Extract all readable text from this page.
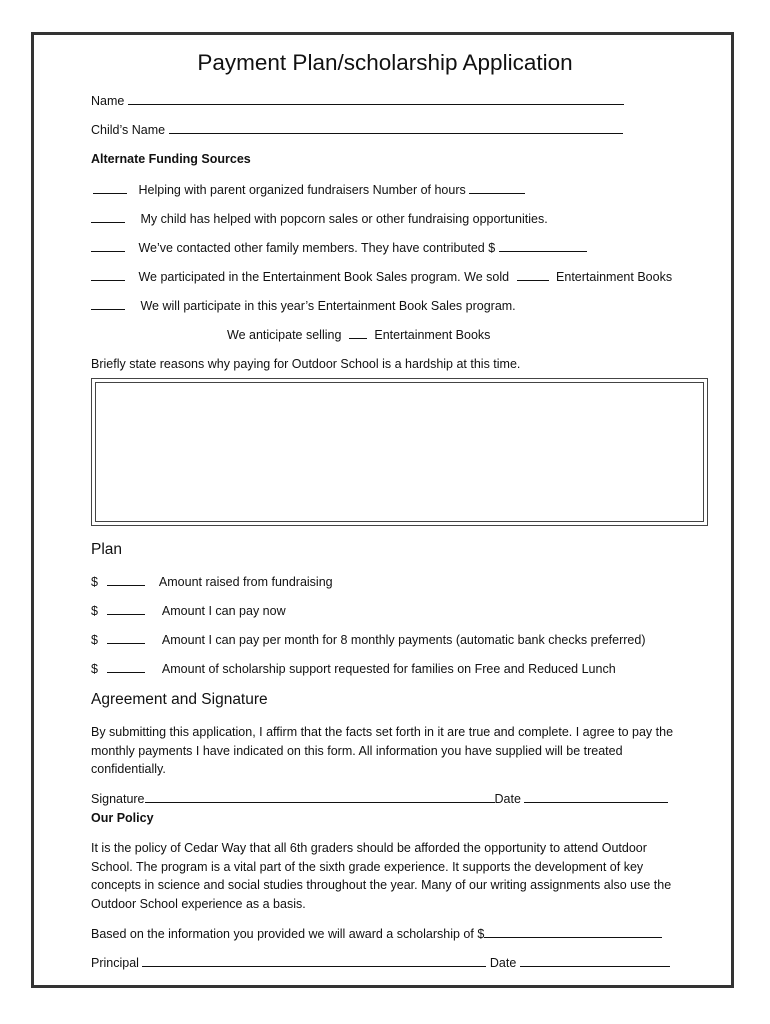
Payment Plan/scholarship Application
Name
Child’s Name
Alternate Funding Sources
Helping with parent organized fundraisers Number of hours
My child has helped with popcorn sales or other fundraising opportunities.
We’ve contacted other family members. They have contributed $
We participated in the Entertainment Book Sales program. We sold	Entertainment Books
We will participate in this year’s Entertainment Book Sales program.
We anticipate selling	Entertainment Books
Briefly state reasons why paying for Outdoor School is a hardship at this time.
Plan
$	Amount raised from fundraising
$	Amount I can pay now
$	Amount I can pay per month for 8 monthly payments (automatic bank checks preferred)
$	Amount of scholarship support requested for families on Free and Reduced Lunch
Agreement and Signature
By submitting this application, I affirm that the facts set forth in it are true and complete. I agree to pay the monthly payments I have indicated on this form. All information you have supplied will be treated confidentially.
Signature	Date
Our Policy
It is the policy of Cedar Way that all 6th graders should be afforded the opportunity to attend Outdoor School. The program is a vital part of the sixth grade experience. It supports the development of key concepts in science and social studies throughout the year. Many of our writing assignments also use the Outdoor School experience as a basis.
Based on the information you provided we will award a scholarship of $
Principal	Date
